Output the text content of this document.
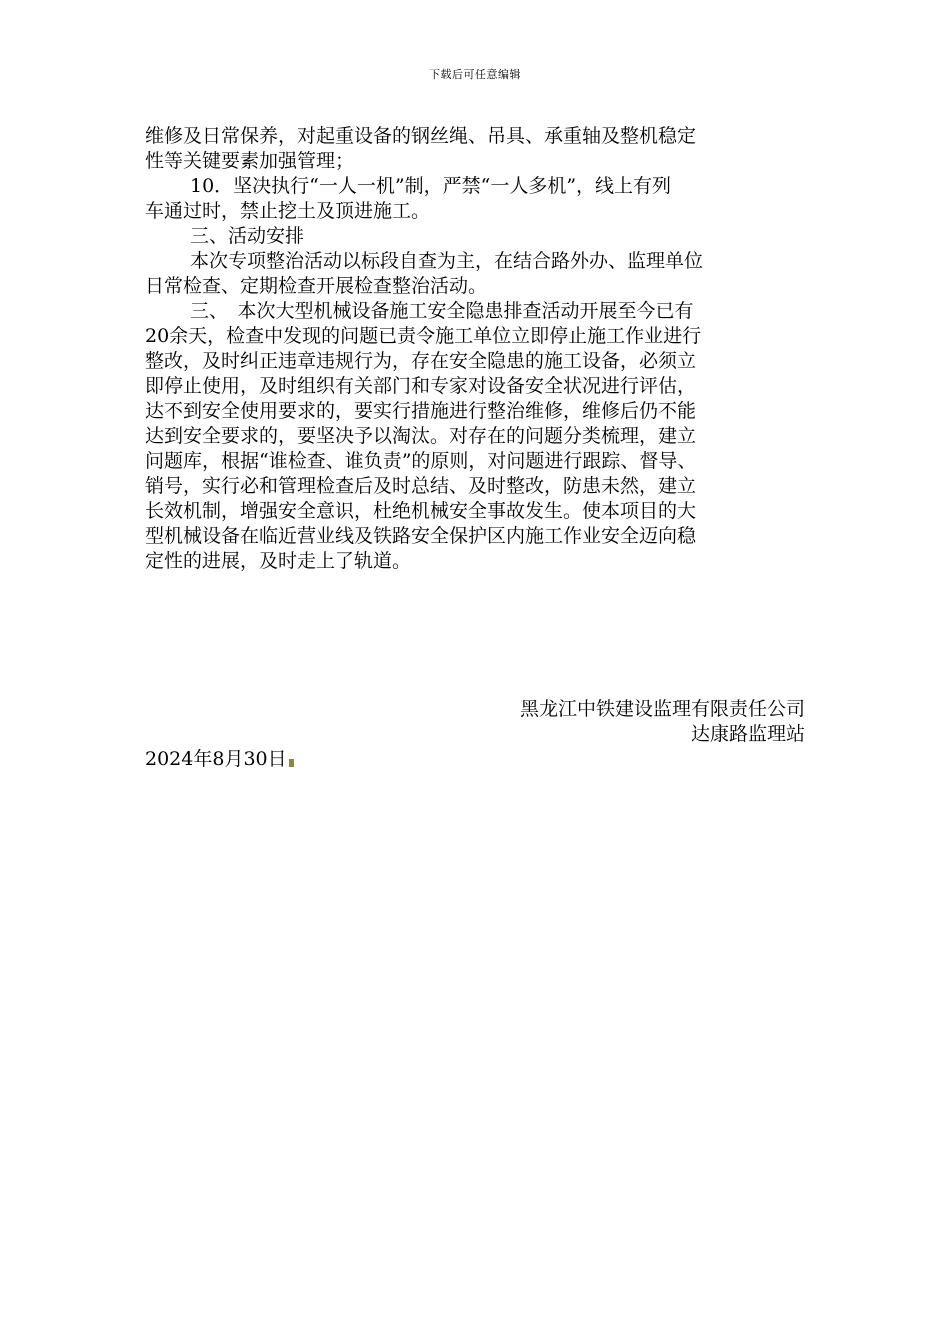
下载后可任意编辑
维修及日常保养，对起重设备的钢丝绳、吊具、承重轴及整机稳定
性等关键要素加强管理；
10．坚决执行“一人一机”制，严禁“一人多机”，线上有列
车通过时，禁止挖土及顶进施工。
三、活动安排
本次专项整治活动以标段自查为主，在结合路外办、监理单位
日常检查、定期检查开展检查整治活动。
三、　本次大型机械设备施工安全隐患排查活动开展至今已有
20余天，检查中发现的问题已责令施工单位立即停止施工作业进行
整改，及时纠正违章违规行为，存在安全隐患的施工设备，必须立
即停止使用，及时组织有关部门和专家对设备安全状况进行评估，
达不到安全使用要求的，要实行措施进行整治维修，维修后仍不能
达到安全要求的，要坚决予以淘汰。对存在的问题分类梳理，建立
问题库，根据“谁检查、谁负责”的原则，对问题进行跟踪、督导、
销号，实行必和管理检查后及时总结、及时整改，防患未然，建立
长效机制，增强安全意识，杜绝机械安全事故发生。使本项目的大
型机械设备在临近营业线及铁路安全保护区内施工作业安全迈向稳
定性的进展，及时走上了轨道。
黑龙江中铁建设监理有限责任公司
达康路监理站
2024年8月30日
